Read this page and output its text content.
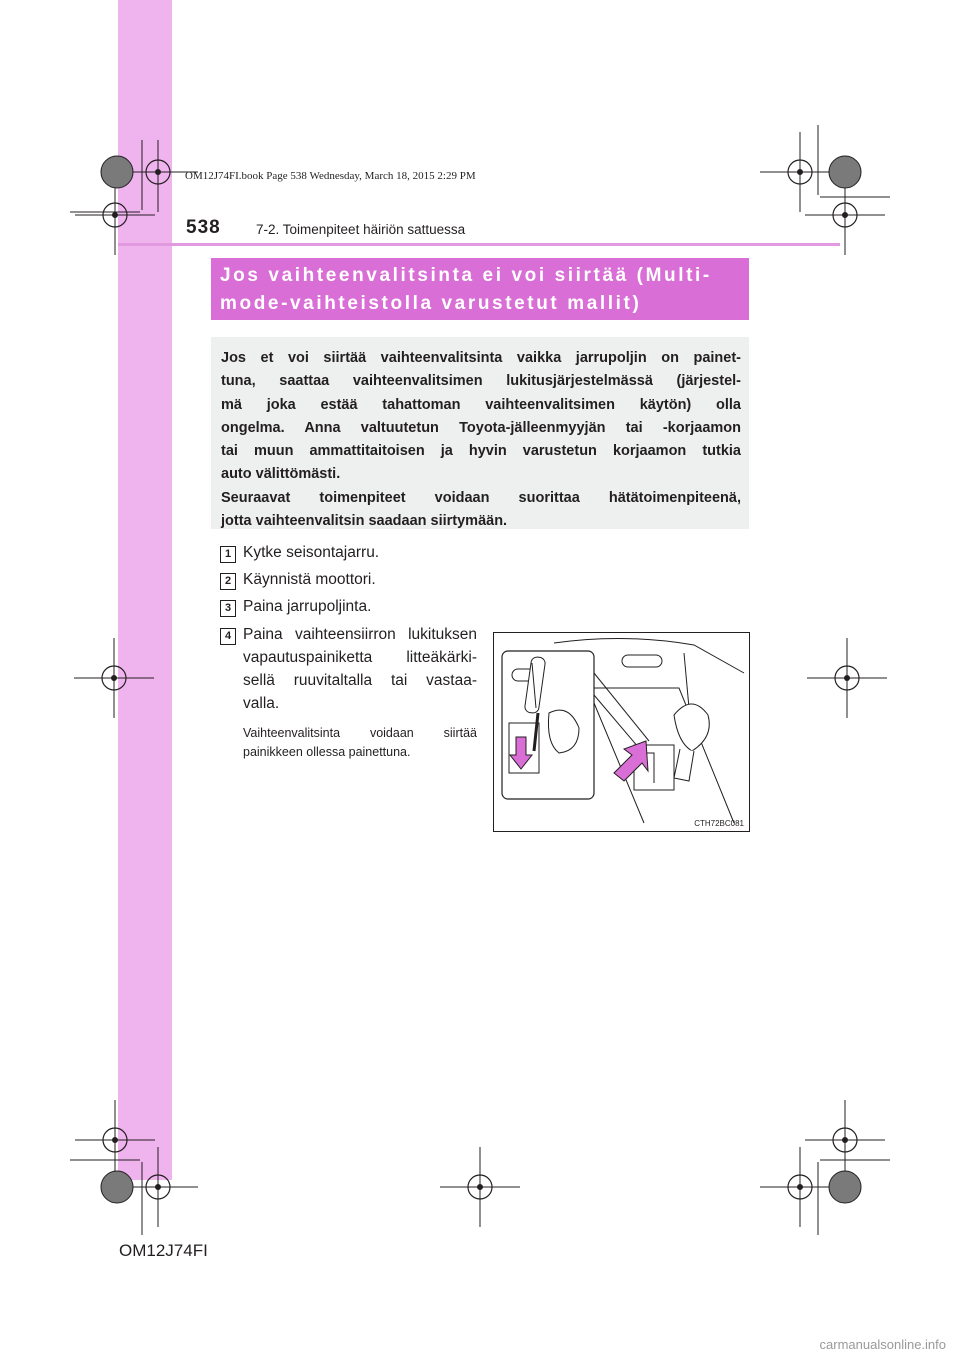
OM12J74FI.book Page 538 Wednesday, March 18, 2015 2:29 PM
538	7-2. Toimenpiteet häiriön sattuessa
Jos vaihteenvalitsinta ei voi siirtää (Multi-
mode-vaihteistolla varustetut mallit)
Jos et voi siirtää vaihteenvalitsinta vaikka jarrupoljin on painet-
tuna, saattaa vaihteenvalitsimen lukitusjärjestelmässä (järjestel-
mä joka estää tahattoman vaihteenvalitsimen käytön) olla
ongelma. Anna valtuutetun Toyota-jälleenmyyjän tai -korjaamon
tai muun ammattitaitoisen ja hyvin varustetun korjaamon tutkia
auto välittömästi.
Seuraavat toimenpiteet voidaan suorittaa hätätoimenpiteenä,
jotta vaihteenvalitsin saadaan siirtymään.
1 Kytke seisontajarru.
2 Käynnistä moottori.
3 Paina jarrupoljinta.
4 Paina vaihteensiirron lukituksen
vapautuspainiketta litteäkärki-
sellä ruuvitaltalla tai vastaa-
valla.
Vaihteenvalitsinta voidaan siirtää
painikkeen ollessa painettuna.
CTH72BC081
OM12J74FI
carmanualsonline.info
